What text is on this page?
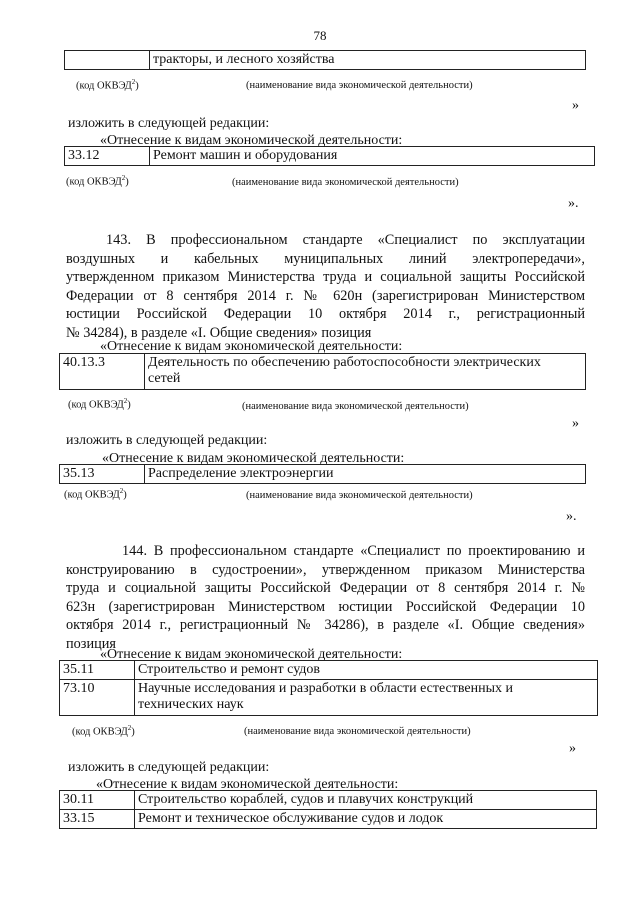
78
	тракторы, и лесного хозяйства
(код ОКВЭД$^2$)	(наименование вида экономической деятельности)
»
изложить в следующей редакции:
«Отнесение к видам экономической деятельности:
33.12	Ремонт машин и оборудования
(код ОКВЭД$^2$)	(наименование вида экономической деятельности)
».
143. В профессиональном стандарте «Специалист по эксплуатации
воздушных и кабельных муниципальных линий электропередачи»,
утвержденном приказом Министерства труда и социальной защиты Российской
Федерации от 8 сентября 2014 г. № 620н (зарегистрирован Министерством
юстиции Российской Федерации 10 октября 2014 г., регистрационный
№ 34284), в разделе «I. Общие сведения» позиция
«Отнесение к видам экономической деятельности:
40.13.3	Деятельность по обеспечению работоспособности электрических
сетей
(код ОКВЭД$^2$)	(наименование вида экономической деятельности)
»
изложить в следующей редакции:
«Отнесение к видам экономической деятельности:
35.13	Распределение электроэнергии
(код ОКВЭД$^2$)	(наименование вида экономической деятельности)
».
144. В профессиональном стандарте «Специалист по проектированию и
конструированию в судостроении», утвержденном приказом Министерства
труда и социальной защиты Российской Федерации от 8 сентября 2014 г. №
623н (зарегистрирован Министерством юстиции Российской Федерации 10
октября 2014 г., регистрационный № 34286), в разделе «I. Общие сведения»
позиция
«Отнесение к видам экономической деятельности:
35.11	Строительство и ремонт судов
73.10	Научные исследования и разработки в области естественных и
технических наук
(код ОКВЭД$^2$)	(наименование вида экономической деятельности)
»
изложить в следующей редакции:
«Отнесение к видам экономической деятельности:
30.11	Строительство кораблей, судов и плавучих конструкций
33.15	Ремонт и техническое обслуживание судов и лодок
